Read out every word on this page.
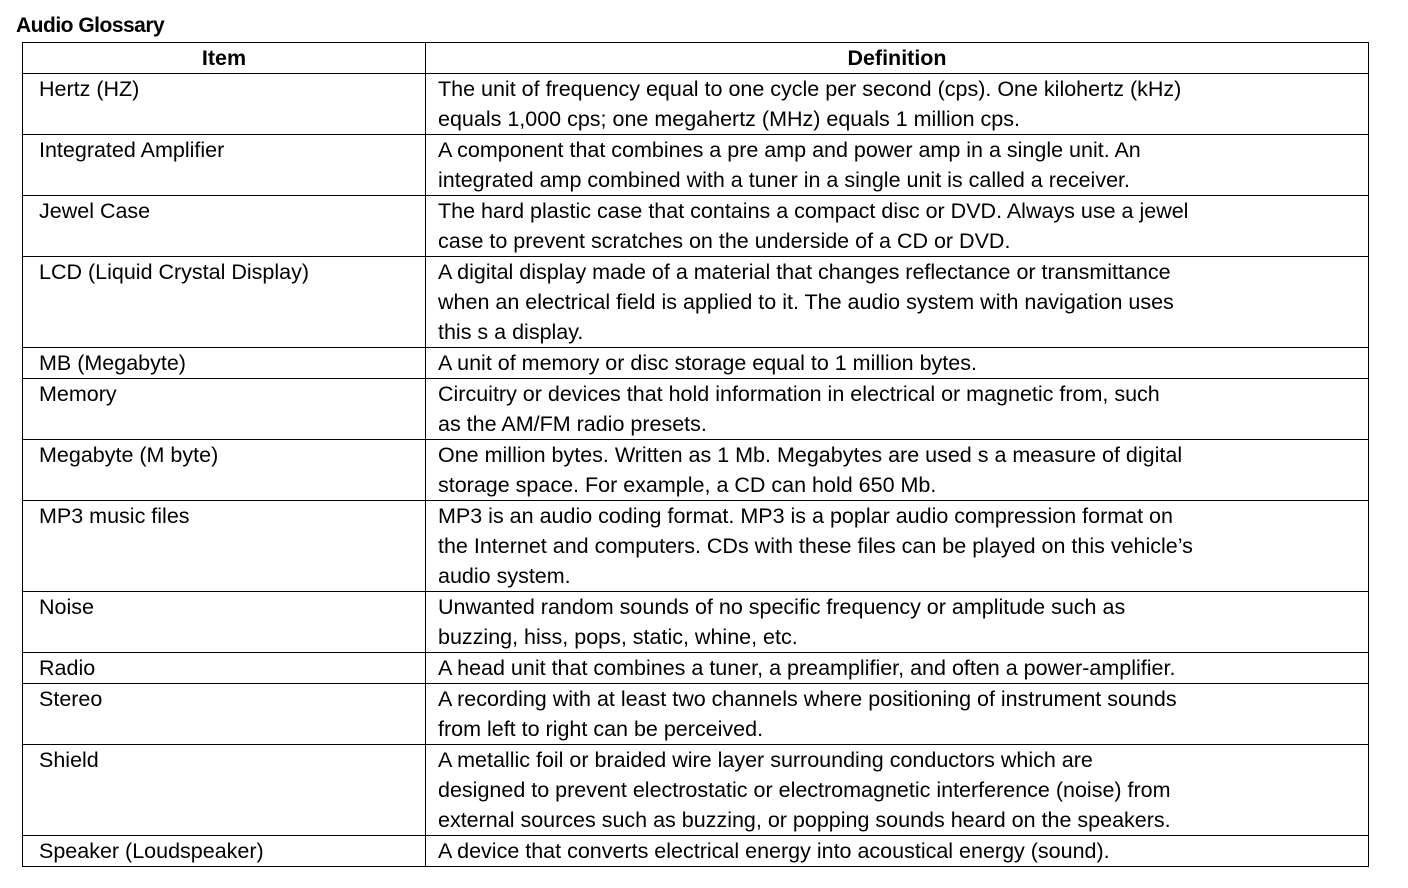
Audio Glossary
Item	Definition
Hertz (HZ)	The unit of frequency equal to one cycle per second (cps). One kilohertz (kHz)
equals 1,000 cps; one megahertz (MHz) equals 1 million cps.

Integrated Amplifier	A component that combines a pre amp and power amp in a single unit. An
integrated amp combined with a tuner in a single unit is called a receiver.

Jewel Case	The hard plastic case that contains a compact disc or DVD. Always use a jewel
case to prevent scratches on the underside of a CD or DVD.

LCD (Liquid Crystal Display)	A digital display made of a material that changes reflectance or transmittance
when an electrical field is applied to it. The audio system with navigation uses
this s a display.

MB (Megabyte)	A unit of memory or disc storage equal to 1 million bytes.

Memory	Circuitry or devices that hold information in electrical or magnetic from, such
as the AM/FM radio presets.

Megabyte (M byte)	One million bytes. Written as 1 Mb. Megabytes are used s a measure of digital
storage space. For example, a CD can hold 650 Mb.

MP3 music files	MP3 is an audio coding format. MP3 is a poplar audio compression format on
the Internet and computers. CDs with these files can be played on this vehicle’s
audio system.

Noise	Unwanted random sounds of no specific frequency or amplitude such as
buzzing, hiss, pops, static, whine, etc.

Radio	A head unit that combines a tuner, a preamplifier, and often a power-amplifier.

Stereo	A recording with at least two channels where positioning of instrument sounds
from left to right can be perceived.

Shield	A metallic foil or braided wire layer surrounding conductors which are
designed to prevent electrostatic or electromagnetic interference (noise) from
external sources such as buzzing, or popping sounds heard on the speakers.

Speaker (Loudspeaker)	A device that converts electrical energy into acoustical energy (sound).
